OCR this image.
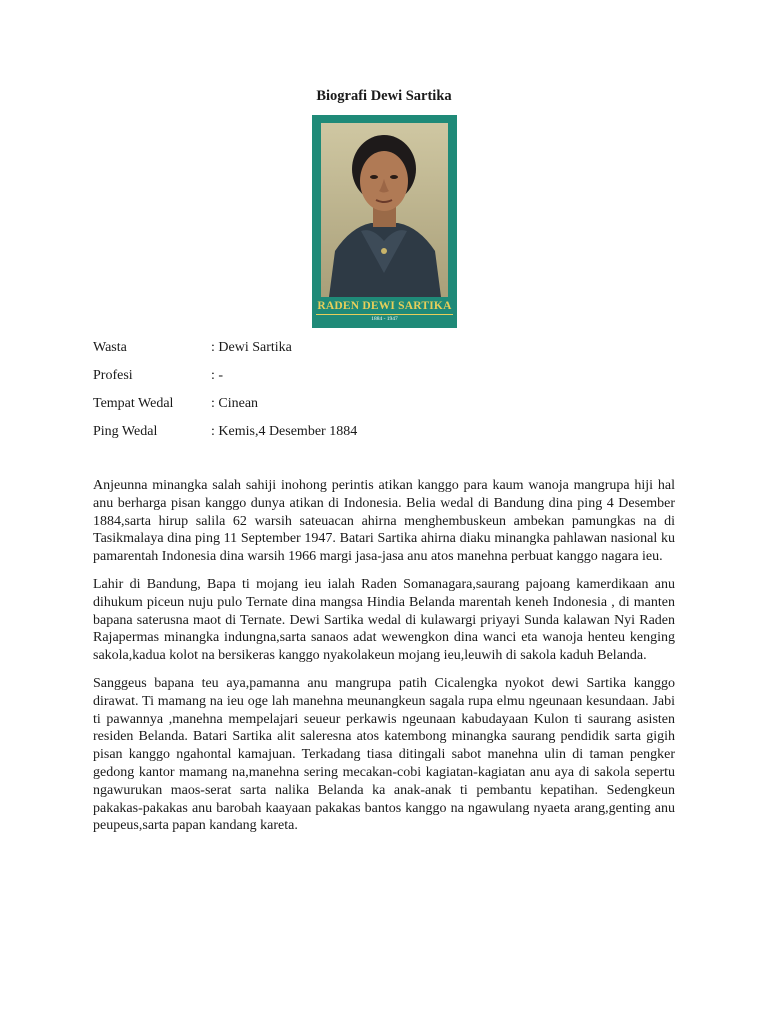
Biografi Dewi Sartika
RADEN DEWI SARTIKA
1884 - 1947
Wasta	: Dewi Sartika
Profesi	: -
Tempat Wedal	: Cinean
Ping Wedal	: Kemis,4 Desember 1884

Anjeunna minangka salah sahiji inohong perintis atikan kanggo para kaum wanoja mangrupa hiji hal anu berharga pisan kanggo dunya atikan di Indonesia. Belia wedal di Bandung dina ping 4 Desember 1884,sarta hirup salila 62 warsih sateuacan ahirna menghembuskeun ambekan pamungkas na di Tasikmalaya dina ping 11 September 1947. Batari Sartika ahirna diaku minangka pahlawan nasional ku pamarentah Indonesia dina warsih 1966 margi jasa-jasa anu atos manehna perbuat kanggo nagara ieu.

Lahir di Bandung, Bapa ti mojang ieu ialah Raden Somanagara,saurang pajoang kamerdikaan anu dihukum piceun nuju pulo Ternate dina mangsa Hindia Belanda marentah keneh Indonesia , di manten bapana saterusna maot di Ternate. Dewi Sartika wedal di kulawargi priyayi Sunda kalawan Nyi Raden Rajapermas minangka indungna,sarta sanaos adat wewengkon dina wanci eta wanoja henteu kenging sakola,kadua kolot na bersikeras kanggo nyakolakeun mojang ieu,leuwih di sakola kaduh Belanda.

Sanggeus bapana teu aya,pamanna anu mangrupa patih Cicalengka nyokot dewi Sartika kanggo dirawat. Ti mamang na ieu oge lah manehna meunangkeun sagala rupa elmu ngeunaan kesundaan. Jabi ti pawannya ,manehna mempelajari seueur perkawis ngeunaan kabudayaan Kulon ti saurang asisten residen Belanda. Batari Sartika alit saleresna atos katembong minangka saurang pendidik sarta gigih pisan kanggo ngahontal kamajuan. Terkadang tiasa ditingali sabot manehna ulin di taman pengker gedong kantor mamang na,manehna sering mecakan-cobi kagiatan-kagiatan anu aya di sakola sepertu ngawurukan maos-serat sarta nalika Belanda ka anak-anak ti pembantu kepatihan. Sedengkeun pakakas-pakakas anu barobah kaayaan pakakas bantos kanggo na ngawulang nyaeta arang,genting anu peupeus,sarta papan kandang kareta.
